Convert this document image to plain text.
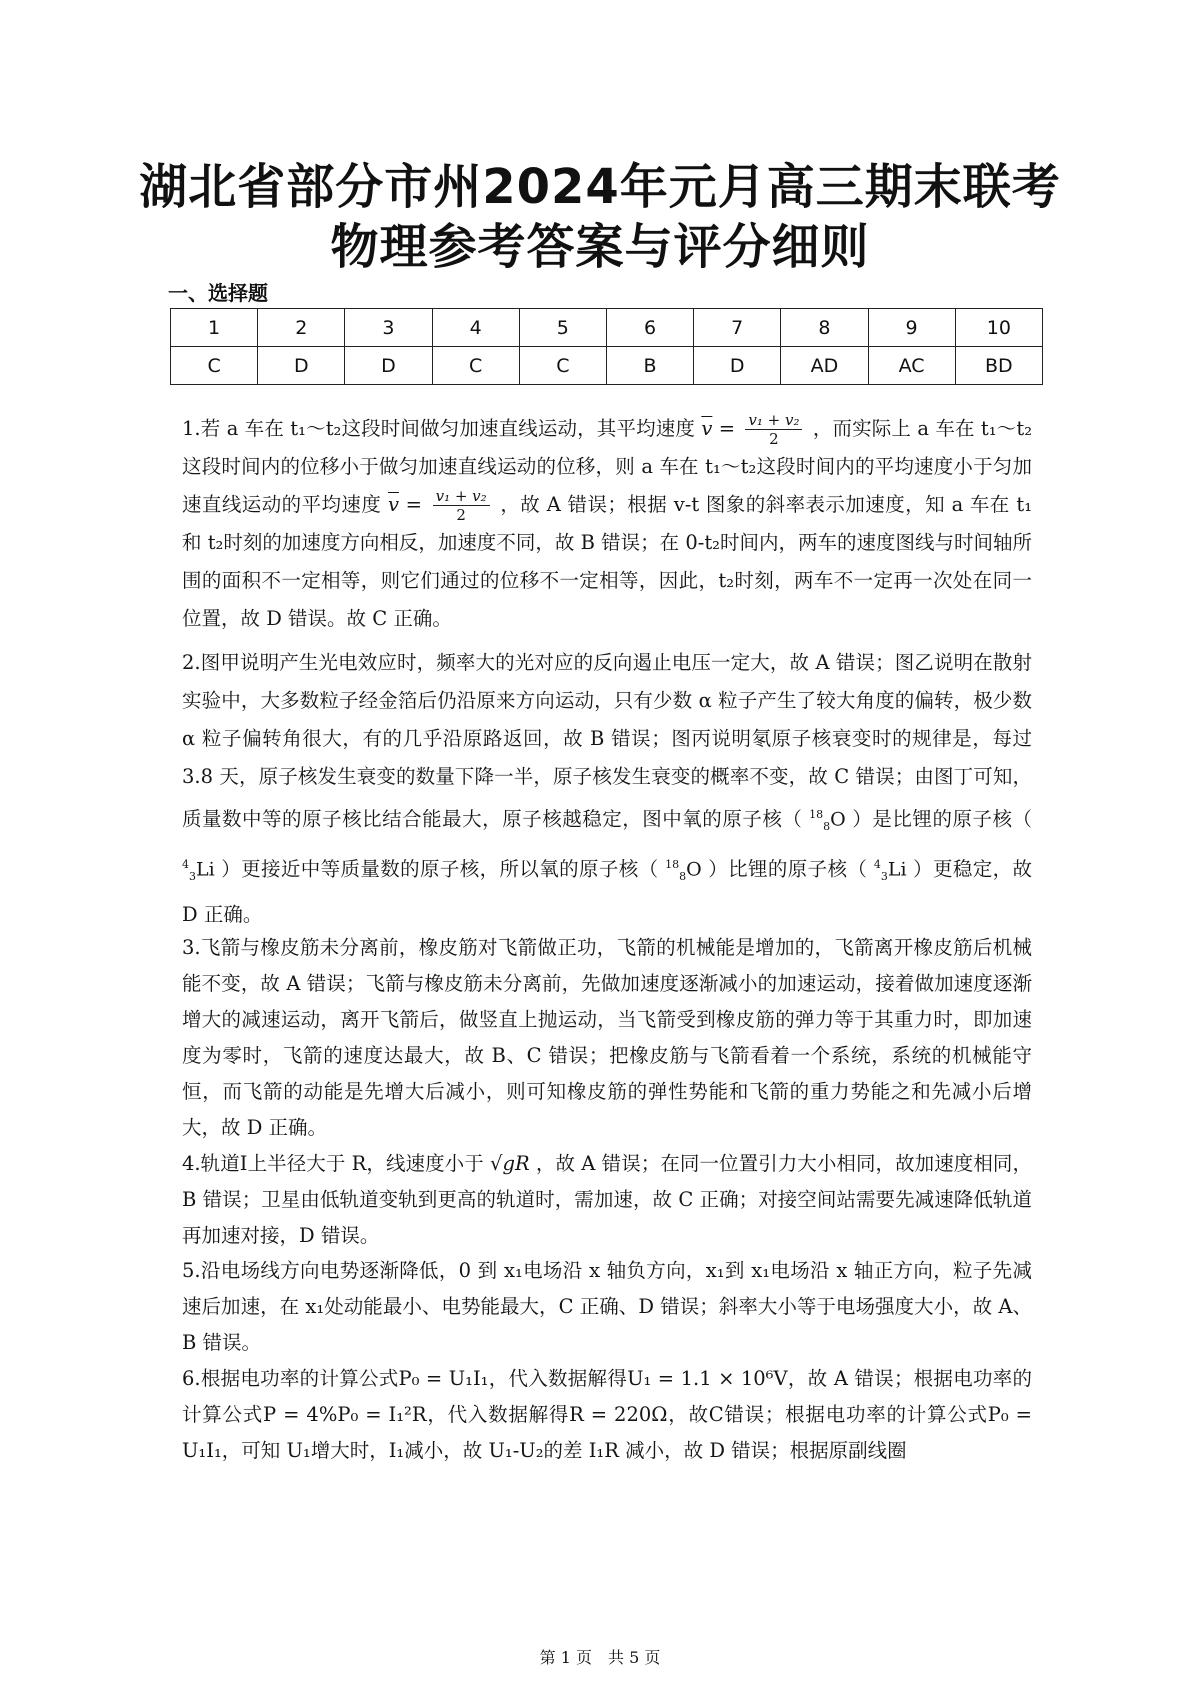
湖北省部分市州2024年元月高三期末联考
物理参考答案与评分细则
一、选择题
1	2	3	4	5	6	7	8	9	10
C	D	D	C	C	B	D	AD	AC	BD
1.若 a 车在 t₁～t₂这段时间做匀加速直线运动，其平均速度 $\overline{v} = \frac{\text{v₁ + v₂}}{2}$ ，而实际上 a 车在 t₁～t₂这段时间内的位移小于做匀加速直线运动的位移，则 a 车在 t₁～t₂这段时间内的平均速度小于匀加速直线运动的平均速度 $\overline{v} = \frac{\text{v₁ + v₂}}{2}$ ，故 A 错误；根据 v-t 图象的斜率表示加速度，知 a 车在 t₁和 t₂时刻的加速度方向相反，加速度不同，故 B 错误；在 0-t₂时间内，两车的速度图线与时间轴所围的面积不一定相等，则它们通过的位移不一定相等，因此，t₂时刻，两车不一定再一次处在同一位置，故 D 错误。故 C 正确。
2.图甲说明产生光电效应时，频率大的光对应的反向遏止电压一定大，故 A 错误；图乙说明在散射实验中，大多数粒子经金箔后仍沿原来方向运动，只有少数 α 粒子产生了较大角度的偏转，极少数 α 粒子偏转角很大，有的几乎沿原路返回，故 B 错误；图丙说明氡原子核衰变时的规律是，每过 3.8 天，原子核发生衰变的数量下降一半，原子核发生衰变的概率不变，故 C 错误；由图丁可知，质量数中等的原子核比结合能最大，原子核越稳定，图中氧的原子核（ $^{18}_8$O ）是比锂的原子核（ $^4_3$Li ）更接近中等质量数的原子核，所以氧的原子核（ $^{18}_8$O ）比锂的原子核（ $^4_3$Li ）更稳定，故 D 正确。
3.飞箭与橡皮筋未分离前，橡皮筋对飞箭做正功，飞箭的机械能是增加的，飞箭离开橡皮筋后机械能不变，故 A 错误；飞箭与橡皮筋未分离前，先做加速度逐渐减小的加速运动，接着做加速度逐渐增大的减速运动，离开飞箭后，做竖直上抛运动，当飞箭受到橡皮筋的弹力等于其重力时，即加速度为零时，飞箭的速度达最大，故 B、C 错误；把橡皮筋与飞箭看着一个系统，系统的机械能守恒，而飞箭的动能是先增大后减小，则可知橡皮筋的弹性势能和飞箭的重力势能之和先减小后增大，故 D 正确。
4.轨道Ⅰ上半径大于 R，线速度小于 √gR ，故 A 错误；在同一位置引力大小相同，故加速度相同，B 错误；卫星由低轨道变轨到更高的轨道时，需加速，故 C 正确；对接空间站需要先减速降低轨道再加速对接，D 错误。
5.沿电场线方向电势逐渐降低，0 到 x₁电场沿 x 轴负方向，x₁到 x₁电场沿 x 轴正方向，粒子先减速后加速，在 x₁处动能最小、电势能最大，C 正确、D 错误；斜率大小等于电场强度大小，故 A、B 错误。
6.根据电功率的计算公式P₀ = U₁I₁，代入数据解得U₁ = 1.1 × 10⁶V，故 A 错误；根据电功率的计算公式P = 4%P₀ = I₁²R，代入数据解得R = 220Ω，故C错误；根据电功率的计算公式P₀ = U₁I₁，可知 U₁增大时，I₁减小，故 U₁-U₂的差 I₁R 减小，故 D 错误；根据原副线圈
第 1 页　共 5 页
